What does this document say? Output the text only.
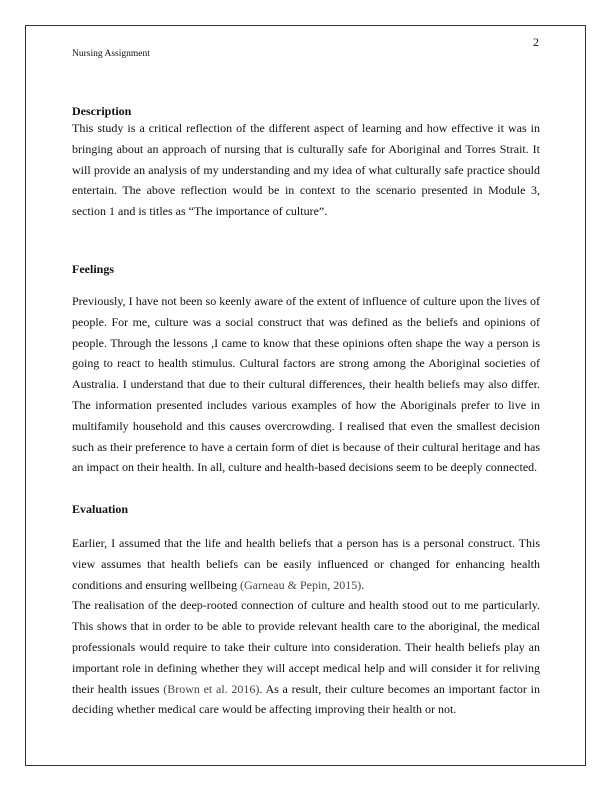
2
Nursing Assignment
Description
This study is a critical reflection of the different aspect of learning and how effective it was in
bringing about an approach of nursing that is culturally safe for Aboriginal and Torres Strait. It
will provide an analysis of my understanding and my idea of what culturally safe practice should
entertain. The above reflection would be in context to the scenario presented in Module 3,
section 1 and is titles as “The importance of culture”.
Feelings
Previously, I have not been so keenly aware of the extent of influence of culture upon the lives of
people. For me, culture was a social construct that was defined as the beliefs and opinions of
people. Through the lessons ,I came to know that these opinions often shape the way a person is
going to react to health stimulus. Cultural factors are strong among the Aboriginal societies of
Australia. I understand that due to their cultural differences, their health beliefs may also differ.
The information presented includes various examples of how the Aboriginals prefer to live in
multifamily household and this causes overcrowding. I realised that even the smallest decision
such as their preference to have a certain form of diet is because of their cultural heritage and has
an impact on their health. In all, culture and health-based decisions seem to be deeply connected.
Evaluation
Earlier, I assumed that the life and health beliefs that a person has is a personal construct. This
view assumes that health beliefs can be easily influenced or changed for enhancing health
conditions and ensuring wellbeing (Garneau & Pepin, 2015).
The realisation of the deep-rooted connection of culture and health stood out to me particularly.
This shows that in order to be able to provide relevant health care to the aboriginal, the medical
professionals would require to take their culture into consideration. Their health beliefs play an
important role in defining whether they will accept medical help and will consider it for reliving
their health issues (Brown et al. 2016). As a result, their culture becomes an important factor in
deciding whether medical care would be affecting improving their health or not.
